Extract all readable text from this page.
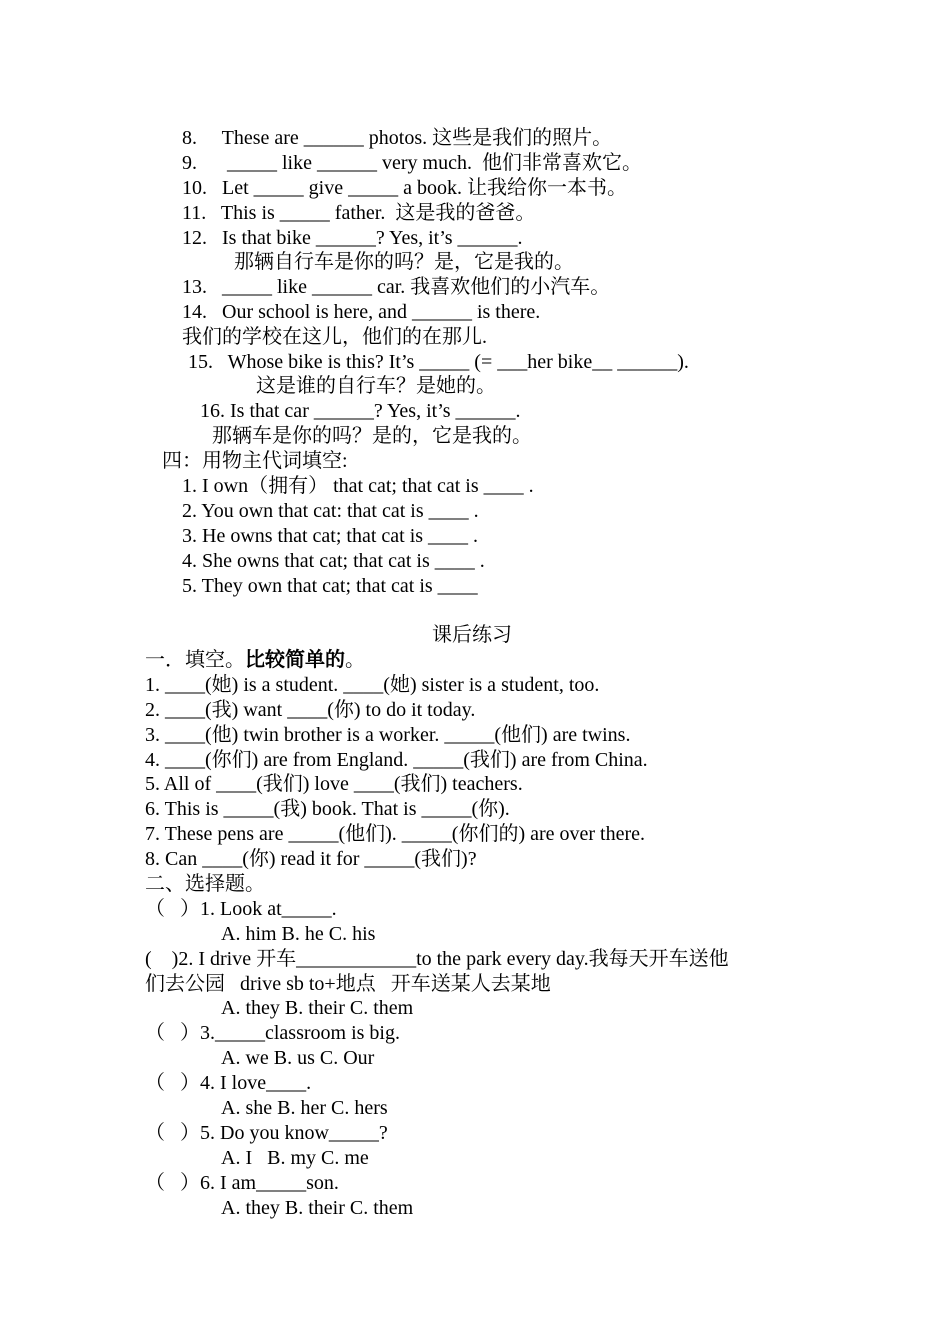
8.     These are ______ photos. 这些是我们的照片。
9.      _____ like ______ very much.  他们非常喜欢它。
10.   Let _____ give _____ a book. 让我给你一本书。
11.   This is _____ father.  这是我的爸爸。
12.   Is that bike ______? Yes, it’s ______.
那辆自行车是你的吗？是，它是我的。
13.   _____ like ______ car. 我喜欢他们的小汽车。
14.   Our school is here, and ______ is there.
我们的学校在这儿，他们的在那儿.
15.   Whose bike is this? It’s _____ (= ___her bike__ ______).
这是谁的自行车？是她的。
16. Is that car ______? Yes, it’s ______.
那辆车是你的吗？是的，它是我的。
四：用物主代词填空:
1. I own（拥有） that cat; that cat is ____ .
2. You own that cat: that cat is ____ .
3. He owns that cat; that cat is ____ .
4. She owns that cat; that cat is ____ .
5. They own that cat; that cat is ____
课后练习
一．填空。比较简单的。
1. ____(她) is a student. ____(她) sister is a student, too.
2. ____(我) want ____(你) to do it today.
3. ____(他) twin brother is a worker. _____(他们) are twins.
4. ____(你们) are from England. _____(我们) are from China.
5. All of ____(我们) love ____(我们) teachers.
6. This is _____(我) book. That is _____(你).
7. These pens are _____(他们). _____(你们的) are over there.
8. Can ____(你) read it for _____(我们)?
二、选择题。
（   ）1. Look at_____.
A. him B. he C. his
(    )2. I drive 开车____________to the park every day.我每天开车送他
们去公园   drive sb to+地点   开车送某人去某地
A. they B. their C. them
（   ）3._____classroom is big.
A. we B. us C. Our
（   ）4. I love____.
A. she B. her C. hers
（   ）5. Do you know_____?
A. I   B. my C. me
（   ）6. I am_____son.
A. they B. their C. them
